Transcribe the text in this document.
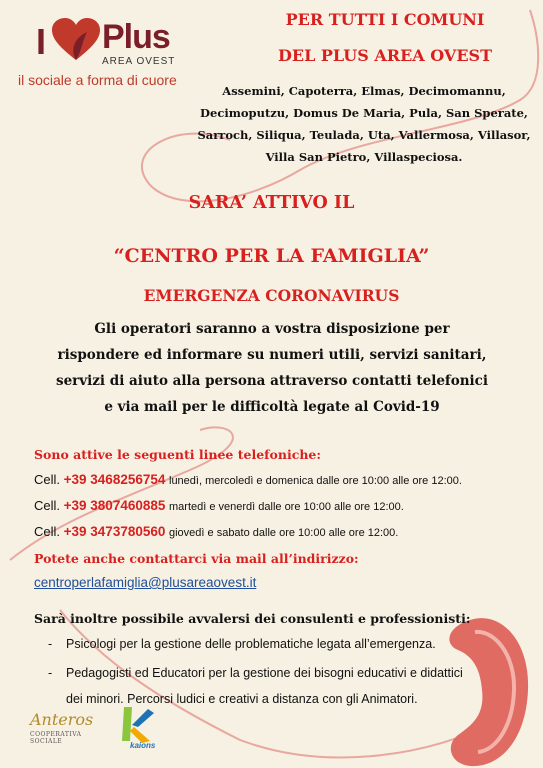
I Plus
AREA OVEST
il sociale a forma di cuore
PER TUTTI I COMUNI
DEL PLUS AREA OVEST
Assemini, Capoterra, Elmas, Decimomannu,
Decimoputzu, Domus De Maria, Pula, San Sperate,
Sarroch, Siliqua, Teulada, Uta, Vallermosa, Villasor,
Villa San Pietro, Villaspeciosa.
SARA’ ATTIVO IL
“CENTRO PER LA FAMIGLIA”
EMERGENZA CORONAVIRUS
Gli operatori saranno a vostra disposizione per
rispondere ed informare su numeri utili, servizi sanitari,
servizi di aiuto alla persona attraverso contatti telefonici
e via mail per le difficoltà legate al Covid-19
Sono attive le seguenti linee telefoniche:
Cell. +39 3468256754 lunedì, mercoledì e domenica dalle ore 10:00 alle ore 12:00.
Cell. +39 3807460885 martedì e venerdì dalle ore 10:00 alle ore 12:00.
Cell. +39 3473780560 giovedì e sabato dalle ore 10:00 alle ore 12:00.
Potete anche contattarci via mail all’indirizzo:
centroperlafamiglia@plusareaovest.it
Sarà inoltre possibile avvalersi dei consulenti e professionisti:
- Psicologi per la gestione delle problematiche legata all’emergenza.
- Pedagogisti ed Educatori per la gestione dei bisogni educativi e didattici
dei minori. Percorsi ludici e creativi a distanza con gli Animatori.
Anteros
COOPERATIVA SOCIALE	kaions
